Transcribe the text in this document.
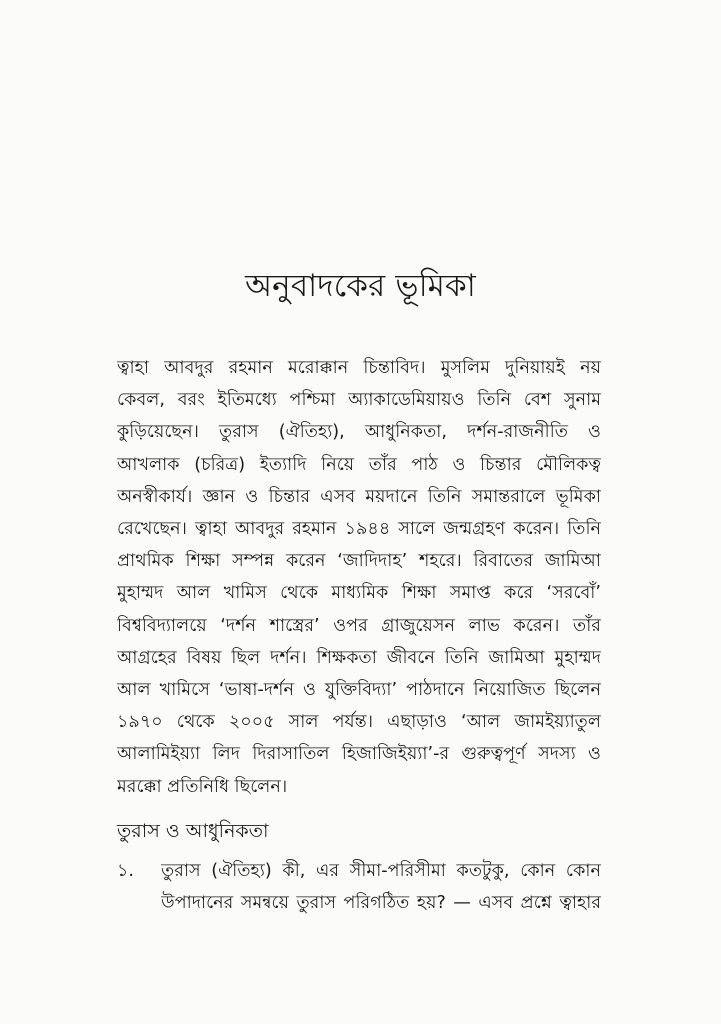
অনুবাদকের ভূমিকা
ত্বাহা আবদুর রহমান মরোক্কান চিন্তাবিদ। মুসলিম দুনিয়ায়ই নয়
কেবল, বরং ইতিমধ্যে পশ্চিমা অ্যাকাডেমিয়ায়ও তিনি বেশ সুনাম
কুড়িয়েছেন। তুরাস (ঐতিহ্য), আধুনিকতা, দর্শন-রাজনীতি ও
আখলাক (চরিত্র) ইত্যাদি নিয়ে তাঁর পাঠ ও চিন্তার মৌলিকত্ব
অনস্বীকার্য। জ্ঞান ও চিন্তার এসব ময়দানে তিনি সমান্তরালে ভূমিকা
রেখেছেন। ত্বাহা আবদুর রহমান ১৯৪৪ সালে জন্মগ্রহণ করেন। তিনি
প্রাথমিক শিক্ষা সম্পন্ন করেন ‘জাদিদাহ’ শহরে। রিবাতের জামিআ
মুহাম্মদ আল খামিস থেকে মাধ্যমিক শিক্ষা সমাপ্ত করে ‘সরবোঁ’
বিশ্ববিদ্যালয়ে ‘দর্শন শাস্ত্রের’ ওপর গ্রাজুয়েসন লাভ করেন। তাঁর
আগ্রহের বিষয় ছিল দর্শন। শিক্ষকতা জীবনে তিনি জামিআ মুহাম্মদ
আল খামিসে ‘ভাষা-দর্শন ও যুক্তিবিদ্যা’ পাঠদানে নিয়োজিত ছিলেন
১৯৭০ থেকে ২০০৫ সাল পর্যন্ত। এছাড়াও ‘আল জামইয়্যাতুল
আলামিইয়্যা লিদ দিরাসাতিল হিজাজিইয়্যা’-র গুরুত্বপূর্ণ সদস্য ও
মরক্কো প্রতিনিধি ছিলেন।
তুরাস ও আধুনিকতা
১.	তুরাস (ঐতিহ্য) কী, এর সীমা-পরিসীমা কতটুকু, কোন কোন
উপাদানের সমন্বয়ে তুরাস পরিগঠিত হয়? — এসব প্রশ্নে ত্বাহার
